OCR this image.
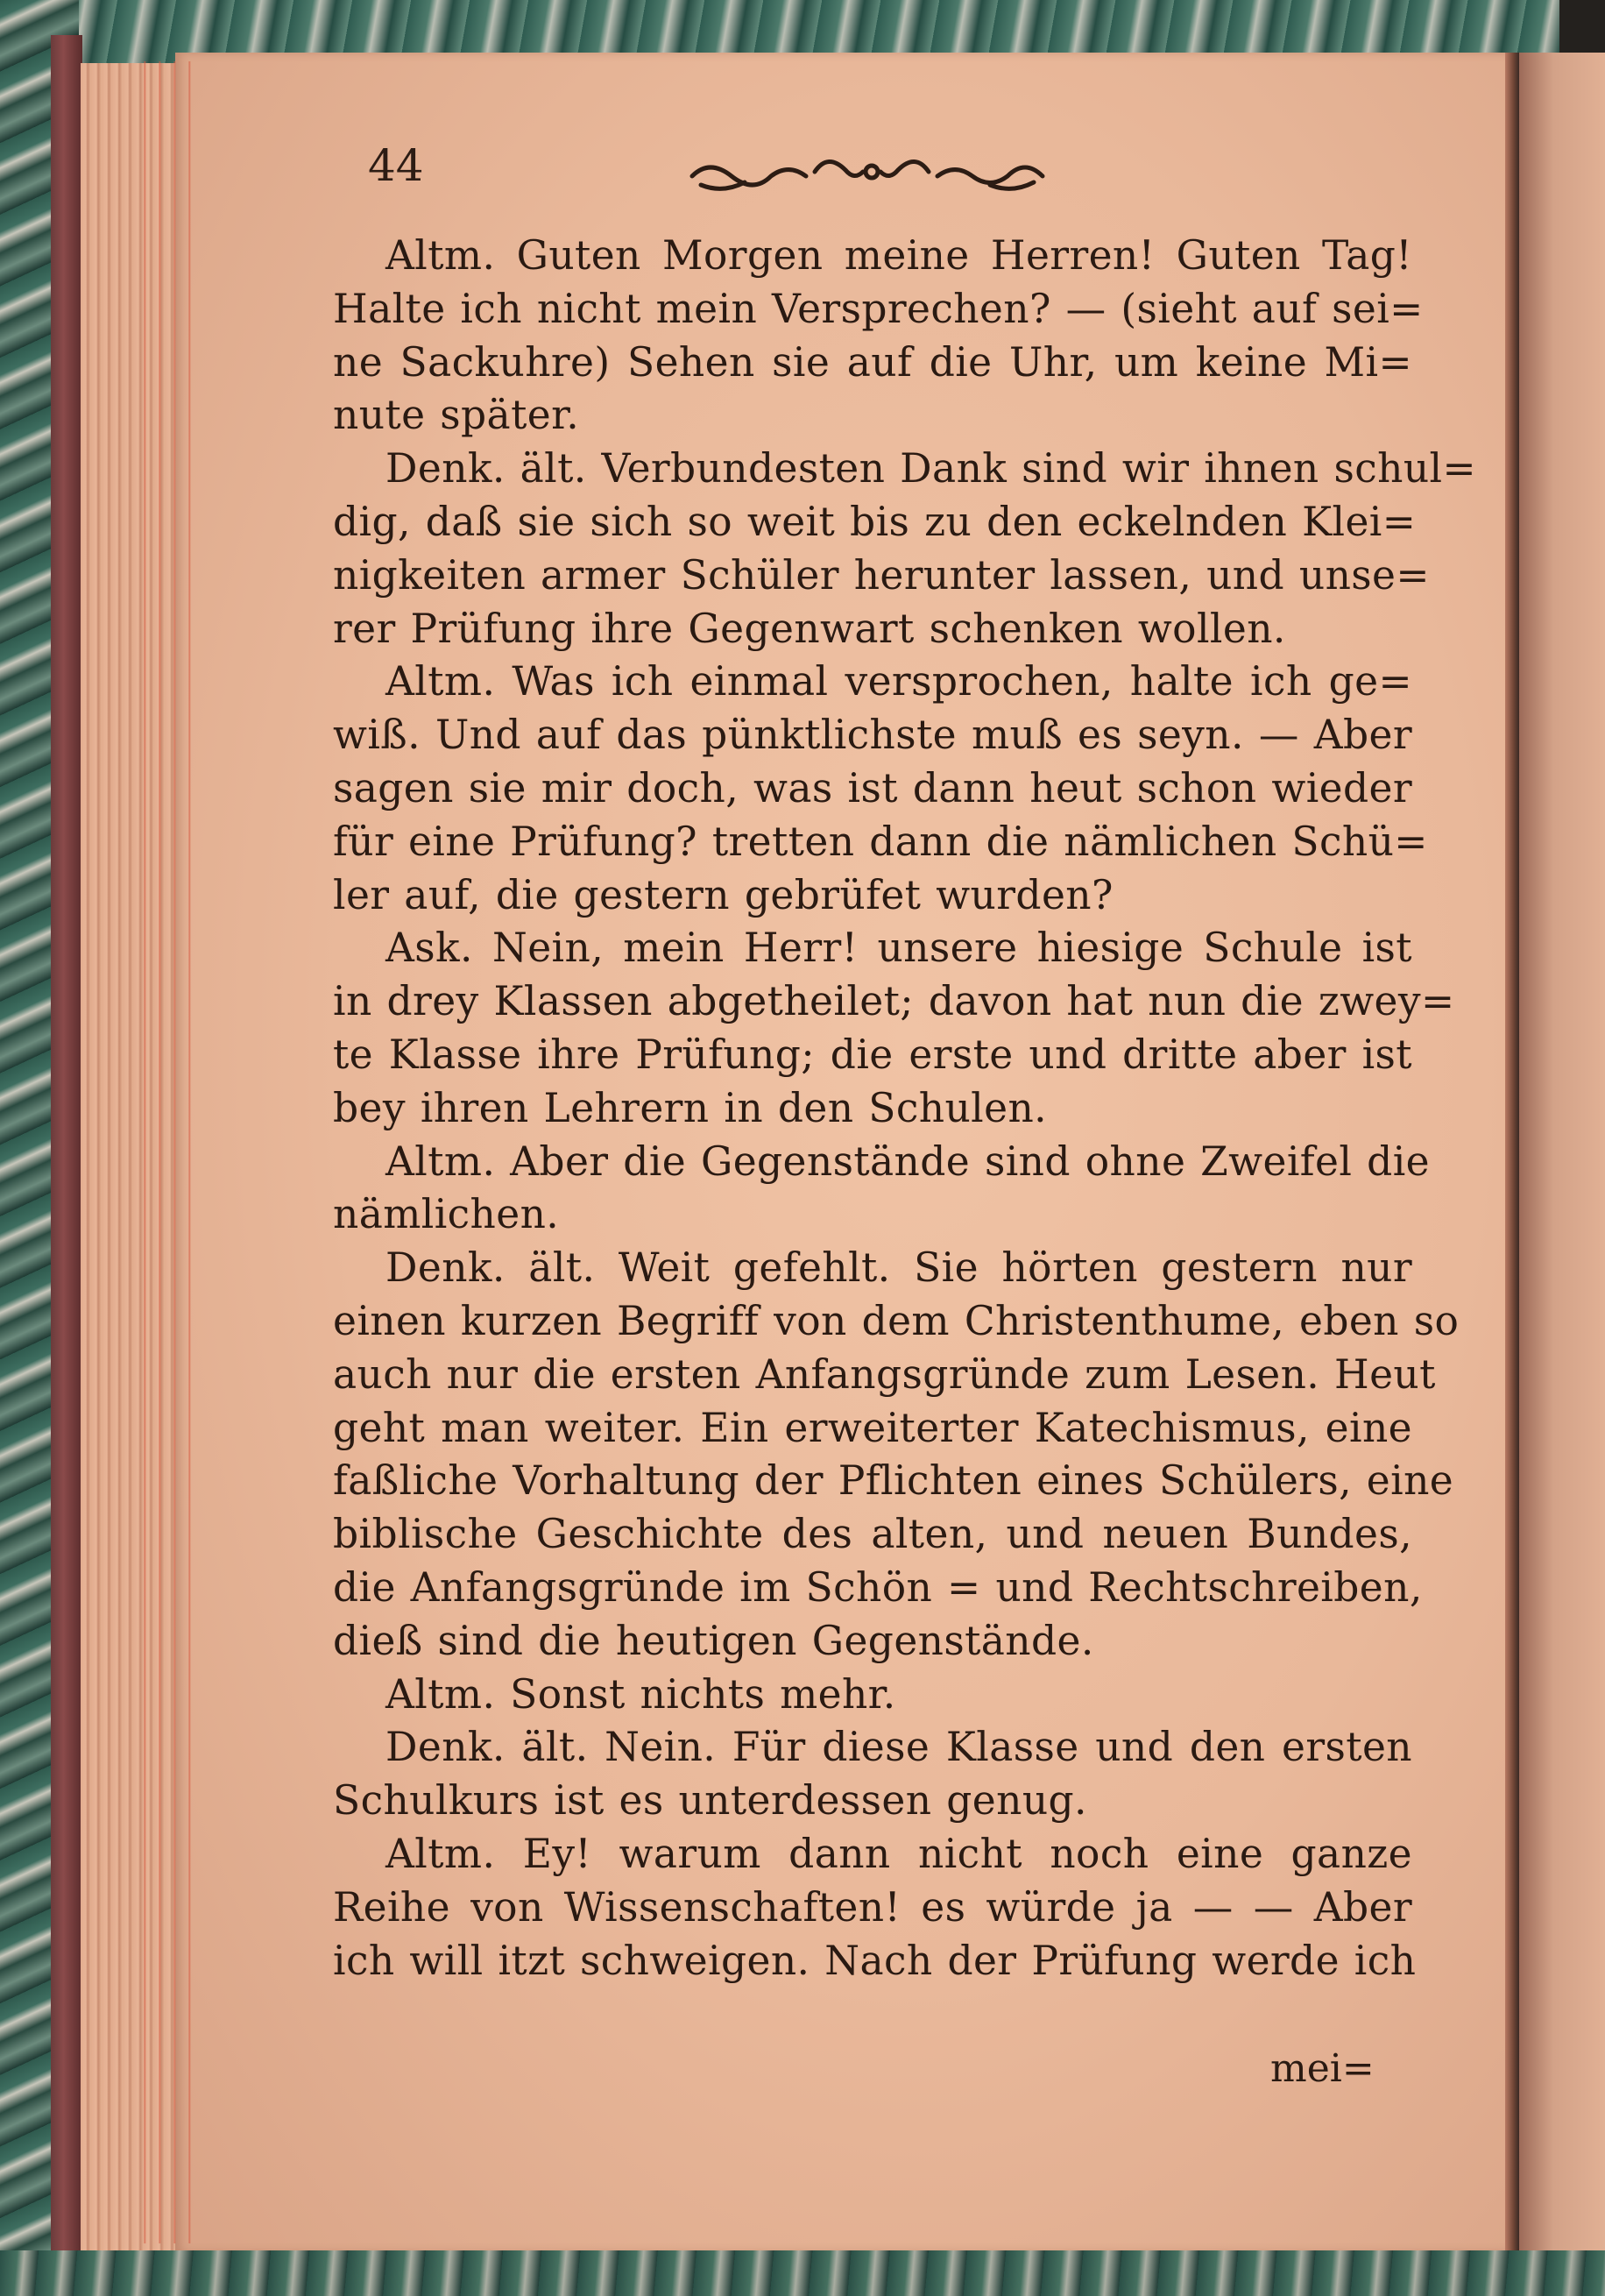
44
Altm. Guten Morgen meine Herren! Guten Tag!
Halte ich nicht mein Versprechen? — (sieht auf sei=
ne Sackuhre) Sehen sie auf die Uhr, um keine Mi=
nute später.
Denk. ält. Verbundesten Dank sind wir ihnen schul=
dig, daß sie sich so weit bis zu den eckelnden Klei=
nigkeiten armer Schüler herunter lassen, und unse=
rer Prüfung ihre Gegenwart schenken wollen.
Altm. Was ich einmal versprochen, halte ich ge=
wiß. Und auf das pünktlichste muß es seyn. — Aber
sagen sie mir doch, was ist dann heut schon wieder
für eine Prüfung? tretten dann die nämlichen Schü=
ler auf, die gestern gebrüfet wurden?
Ask. Nein, mein Herr! unsere hiesige Schule ist
in drey Klassen abgetheilet; davon hat nun die zwey=
te Klasse ihre Prüfung; die erste und dritte aber ist
bey ihren Lehrern in den Schulen.
Altm. Aber die Gegenstände sind ohne Zweifel die
nämlichen.
Denk. ält. Weit gefehlt. Sie hörten gestern nur
einen kurzen Begriff von dem Christenthume, eben so
auch nur die ersten Anfangsgründe zum Lesen. Heut
geht man weiter. Ein erweiterter Katechismus, eine
faßliche Vorhaltung der Pflichten eines Schülers, eine
biblische Geschichte des alten, und neuen Bundes,
die Anfangsgründe im Schön = und Rechtschreiben,
dieß sind die heutigen Gegenstände.
Altm. Sonst nichts mehr.
Denk. ält. Nein. Für diese Klasse und den ersten
Schulkurs ist es unterdessen genug.
Altm. Ey! warum dann nicht noch eine ganze
Reihe von Wissenschaften! es würde ja — — Aber
ich will itzt schweigen. Nach der Prüfung werde ich
mei=
